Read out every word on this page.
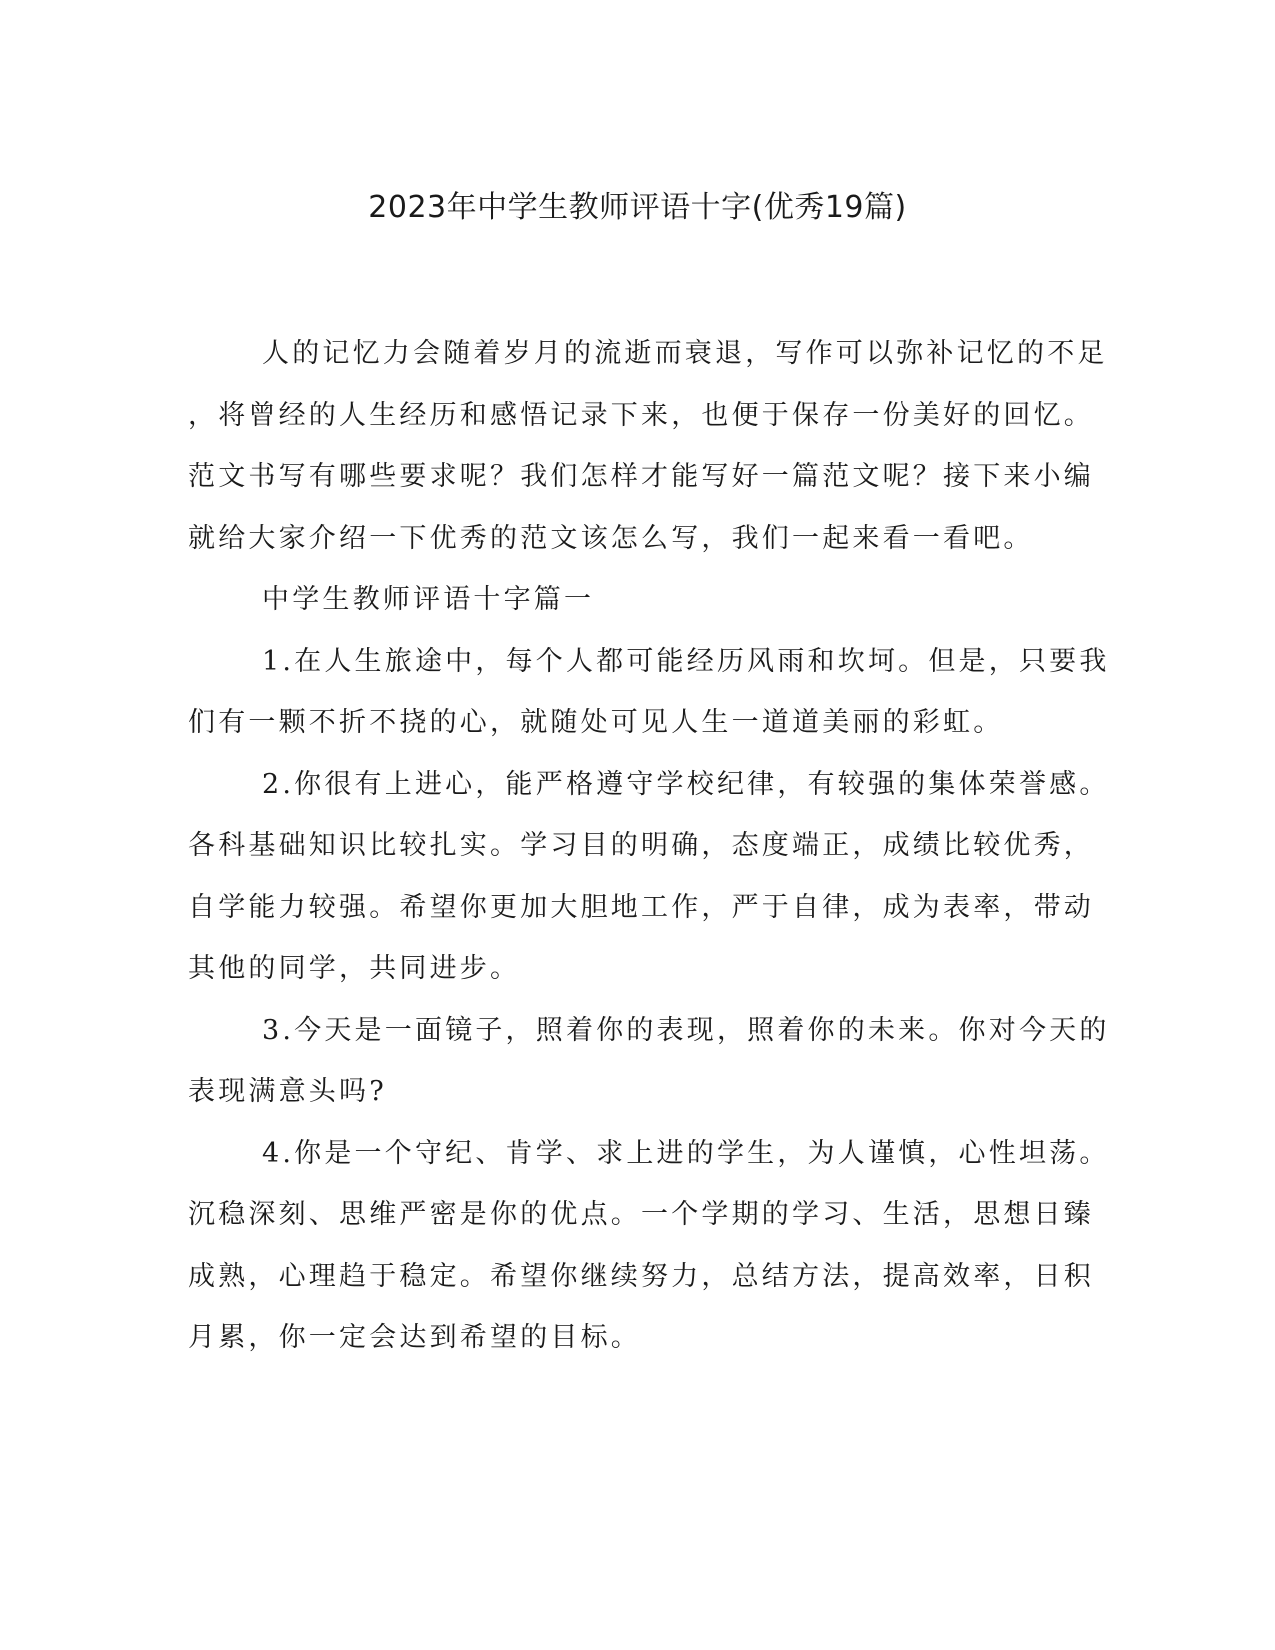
2023年中学生教师评语十字(优秀19篇)

人的记忆力会随着岁月的流逝而衰退，写作可以弥补记忆的不足
，将曾经的人生经历和感悟记录下来，也便于保存一份美好的回忆。
范文书写有哪些要求呢？我们怎样才能写好一篇范文呢？接下来小编
就给大家介绍一下优秀的范文该怎么写，我们一起来看一看吧。

中学生教师评语十字篇一

1.在人生旅途中，每个人都可能经历风雨和坎坷。但是，只要我
们有一颗不折不挠的心，就随处可见人生一道道美丽的彩虹。

2.你很有上进心，能严格遵守学校纪律，有较强的集体荣誉感。
各科基础知识比较扎实。学习目的明确，态度端正，成绩比较优秀，
自学能力较强。希望你更加大胆地工作，严于自律，成为表率，带动
其他的同学，共同进步。

3.今天是一面镜子，照着你的表现，照着你的未来。你对今天的
表现满意头吗?

4.你是一个守纪、肯学、求上进的学生，为人谨慎，心性坦荡。
沉稳深刻、思维严密是你的优点。一个学期的学习、生活，思想日臻
成熟，心理趋于稳定。希望你继续努力，总结方法，提高效率，日积
月累，你一定会达到希望的目标。
